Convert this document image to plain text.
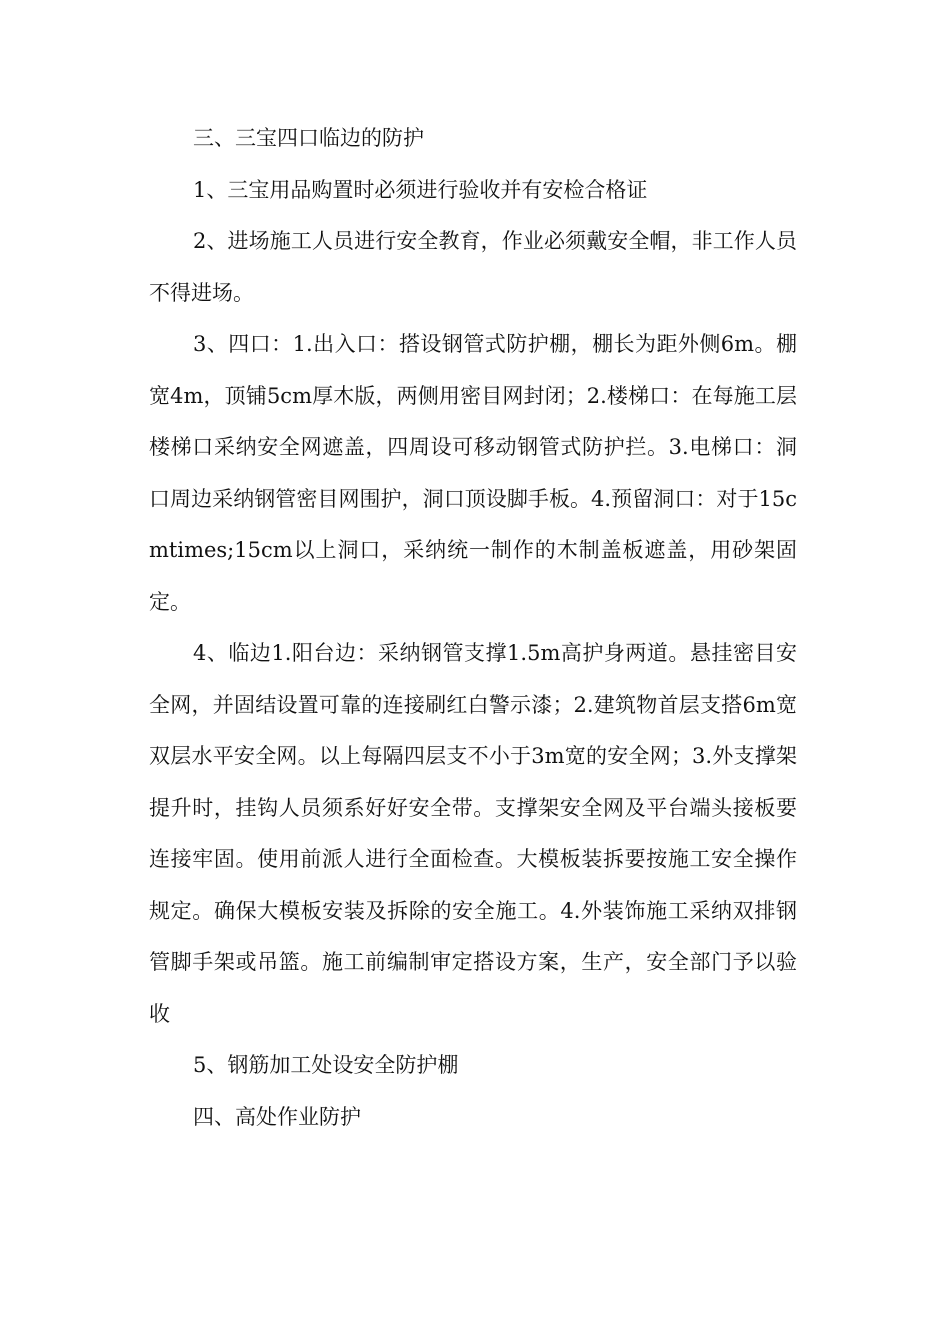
三、三宝四口临边的防护

1、三宝用品购置时必须进行验收并有安检合格证

2、进场施工人员进行安全教育，作业必须戴安全帽，非工作人员不得进场。

3、四口：1.出入口：搭设钢管式防护棚，棚长为距外侧6m。棚宽4m，顶铺5cm厚木版，两侧用密目网封闭；2.楼梯口：在每施工层楼梯口采纳安全网遮盖，四周设可移动钢管式防护拦。3.电梯口：洞口周边采纳钢管密目网围护，洞口顶设脚手板。4.预留洞口：对于15cmtimes;15cm以上洞口，采纳统一制作的木制盖板遮盖，用砂架固定。

4、临边1.阳台边：采纳钢管支撑1.5m高护身两道。悬挂密目安全网，并固结设置可靠的连接刷红白警示漆；2.建筑物首层支搭6m宽双层水平安全网。以上每隔四层支不小于3m宽的安全网；3.外支撑架提升时，挂钩人员须系好好安全带。支撑架安全网及平台端头接板要连接牢固。使用前派人进行全面检查。大模板装拆要按施工安全操作规定。确保大模板安装及拆除的安全施工。4.外装饰施工采纳双排钢管脚手架或吊篮。施工前编制审定搭设方案，生产，安全部门予以验收

5、钢筋加工处设安全防护棚

四、高处作业防护
